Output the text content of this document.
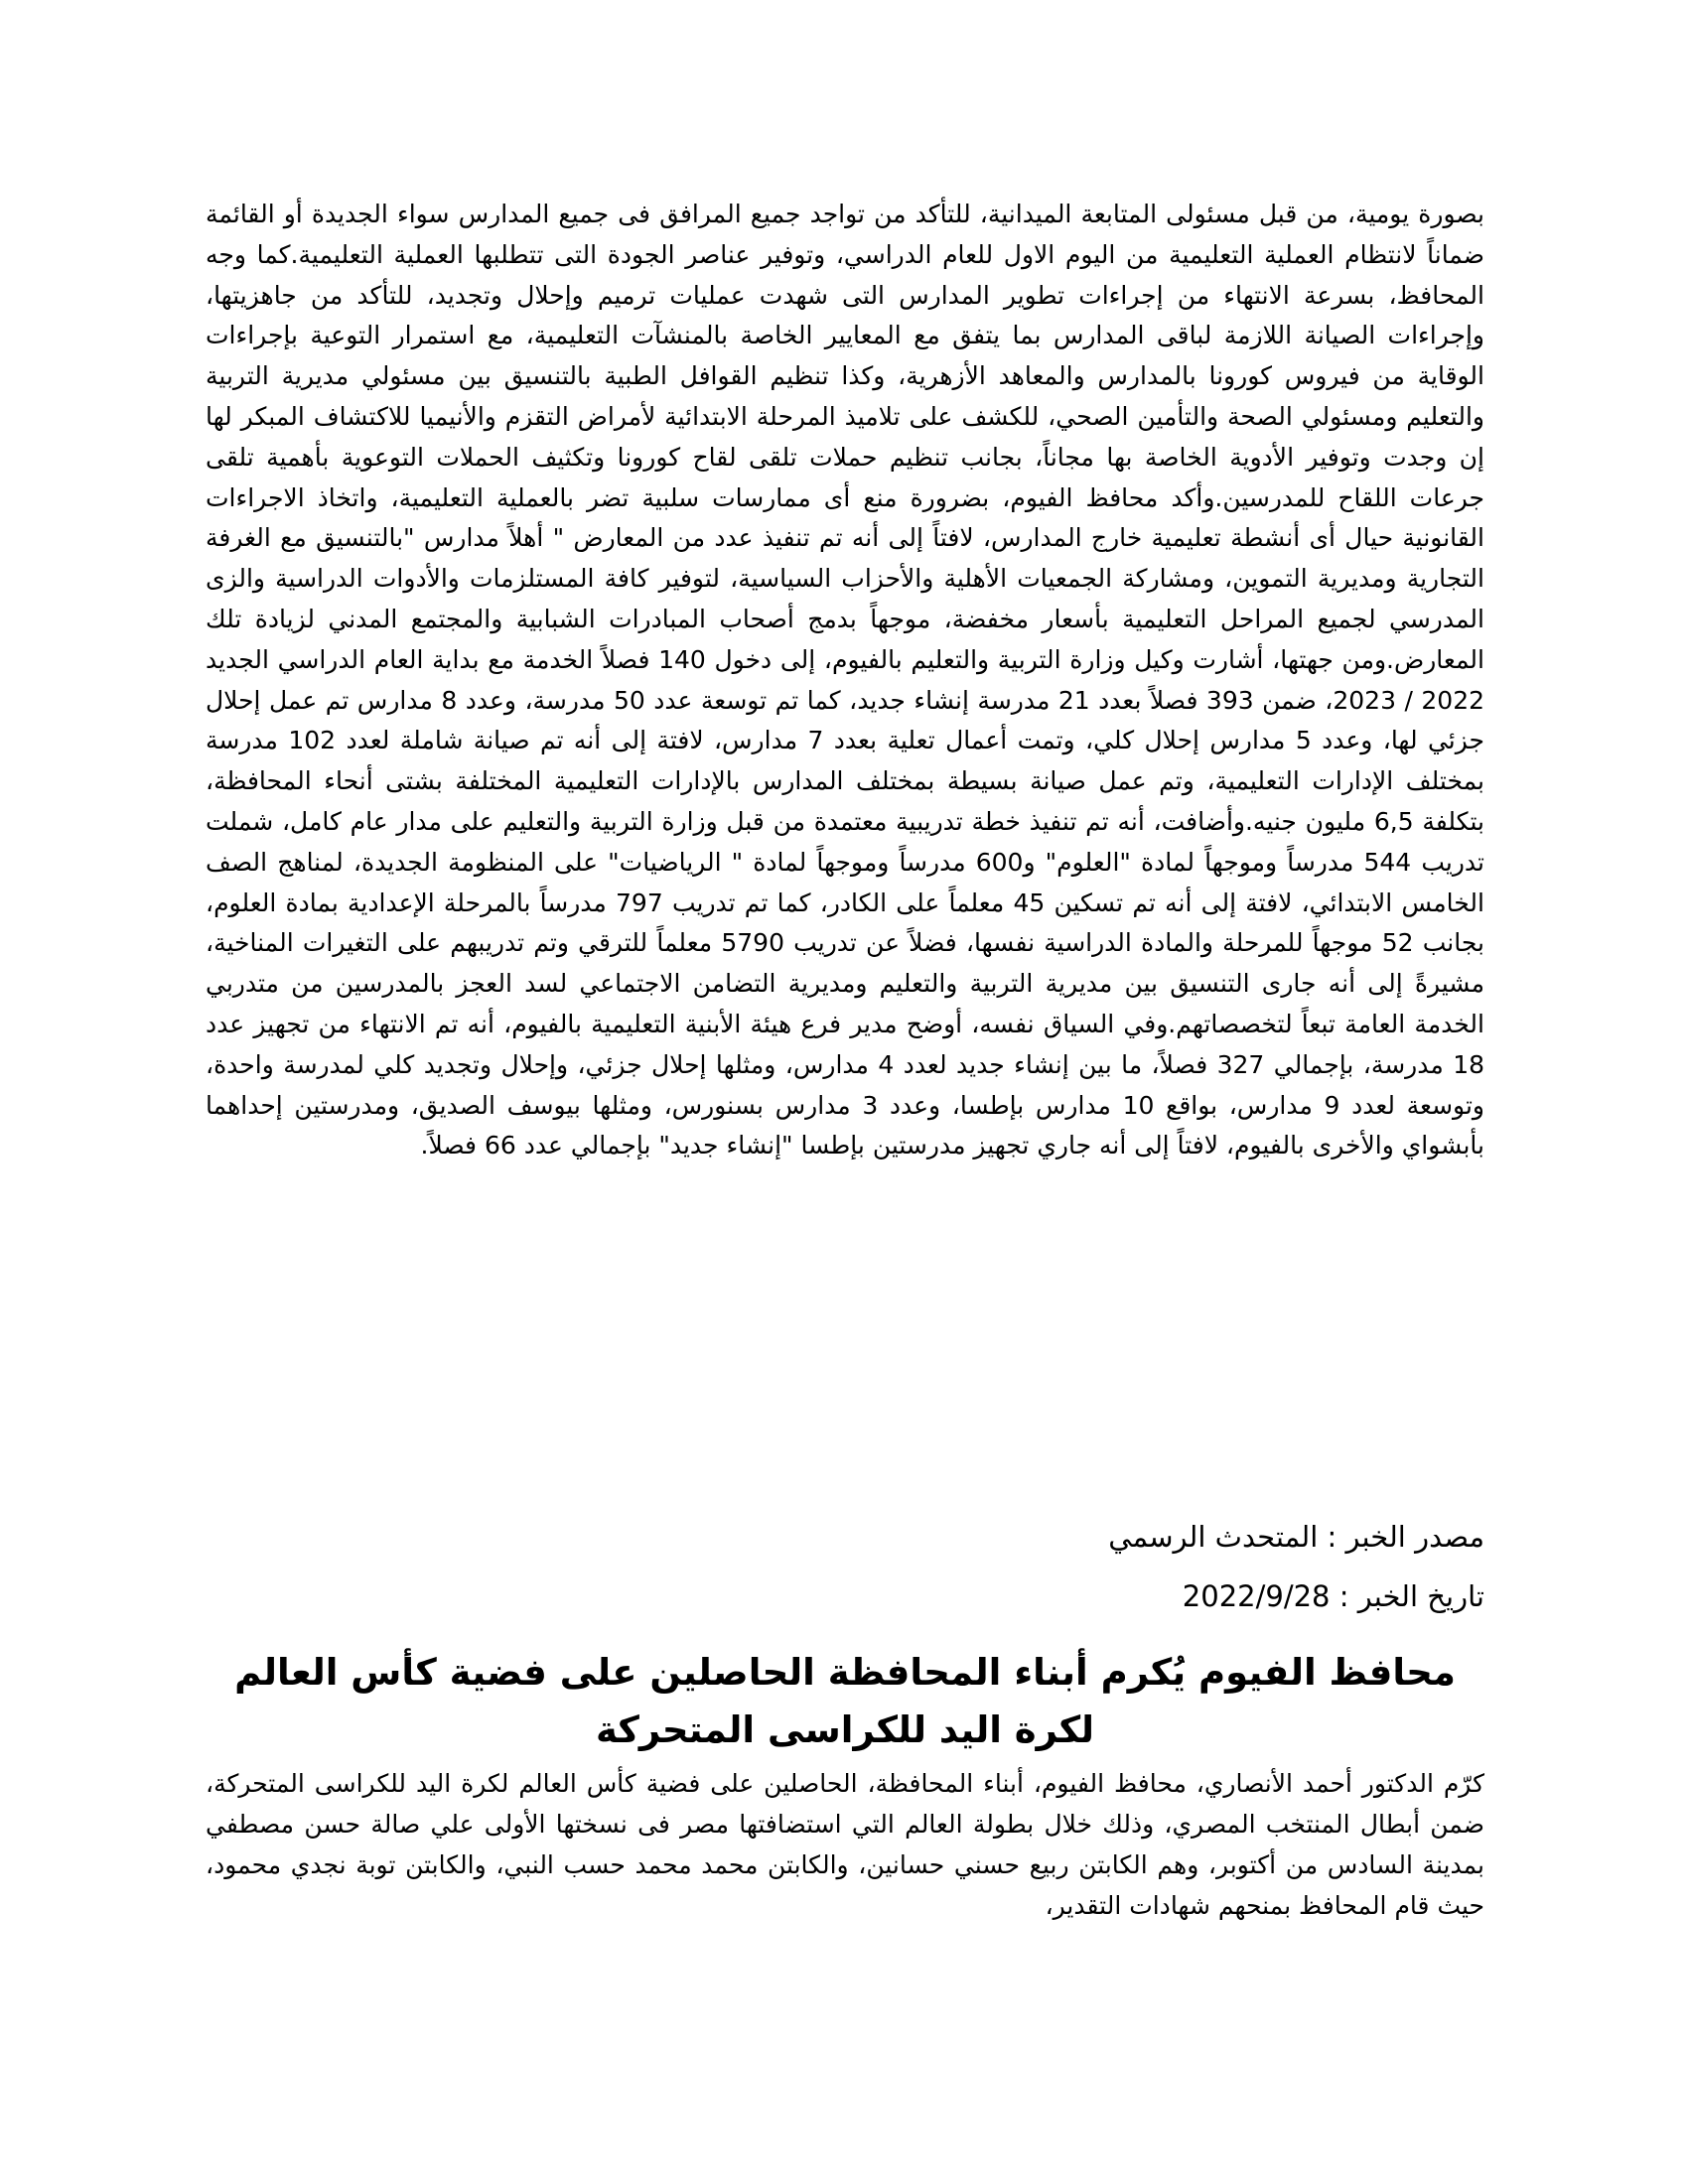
بصورة يومية، من قبل مسئولى المتابعة الميدانية، للتأكد من تواجد جميع المرافق فى جميع المدارس سواء الجديدة أو القائمة ضماناً لانتظام العملية التعليمية من اليوم الاول للعام الدراسي، وتوفير عناصر الجودة التى تتطلبها العملية التعليمية.كما وجه المحافظ، بسرعة الانتهاء من إجراءات تطوير المدارس التى شهدت عمليات ترميم وإحلال وتجديد، للتأكد من جاهزيتها، وإجراءات الصيانة اللازمة لباقى المدارس بما يتفق مع المعايير الخاصة بالمنشآت التعليمية، مع استمرار التوعية بإجراءات الوقاية من فيروس كورونا بالمدارس والمعاهد الأزهرية، وكذا تنظيم القوافل الطبية بالتنسيق بين مسئولي مديرية التربية والتعليم ومسئولي الصحة والتأمين الصحي، للكشف على تلاميذ المرحلة الابتدائية لأمراض التقزم والأنيميا للاكتشاف المبكر لها إن وجدت وتوفير الأدوية الخاصة بها مجاناً، بجانب تنظيم حملات تلقى لقاح كورونا وتكثيف الحملات التوعوية بأهمية تلقى جرعات اللقاح للمدرسين.وأكد محافظ الفيوم، بضرورة منع أى ممارسات سلبية تضر بالعملية التعليمية، واتخاذ الاجراءات القانونية حيال أى أنشطة تعليمية خارج المدارس، لافتاً إلى أنه تم تنفيذ عدد من المعارض " أهلاً مدارس "بالتنسيق مع الغرفة التجارية ومديرية التموين، ومشاركة الجمعيات الأهلية والأحزاب السياسية، لتوفير كافة المستلزمات والأدوات الدراسية والزى المدرسي لجميع المراحل التعليمية بأسعار مخفضة، موجهاً بدمج أصحاب المبادرات الشبابية والمجتمع المدني لزيادة تلك المعارض.ومن جهتها، أشارت وكيل وزارة التربية والتعليم بالفيوم، إلى دخول 140 فصلاً الخدمة مع بداية العام الدراسي الجديد 2022 / 2023، ضمن 393 فصلاً بعدد 21 مدرسة إنشاء جديد، كما تم توسعة عدد 50 مدرسة، وعدد 8 مدارس تم عمل إحلال جزئي لها، وعدد 5 مدارس إحلال كلي، وتمت أعمال تعلية بعدد 7 مدارس، لافتة إلى أنه تم صيانة شاملة لعدد 102 مدرسة بمختلف الإدارات التعليمية، وتم عمل صيانة بسيطة بمختلف المدارس بالإدارات التعليمية المختلفة بشتى أنحاء المحافظة، بتكلفة 6,5 مليون جنيه.وأضافت، أنه تم تنفيذ خطة تدريبية معتمدة من قبل وزارة التربية والتعليم على مدار عام كامل، شملت تدريب 544 مدرساً وموجهاً لمادة "العلوم" و600 مدرساً وموجهاً لمادة " الرياضيات" على المنظومة الجديدة، لمناهج الصف الخامس الابتدائي، لافتة إلى أنه تم تسكين 45 معلماً على الكادر، كما تم تدريب 797 مدرساً بالمرحلة الإعدادية بمادة العلوم، بجانب 52 موجهاً للمرحلة والمادة الدراسية نفسها، فضلاً عن تدريب 5790 معلماً للترقي وتم تدريبهم على التغيرات المناخية، مشيرةً إلى أنه جارى التنسيق بين مديرية التربية والتعليم ومديرية التضامن الاجتماعي لسد العجز بالمدرسين من متدربي الخدمة العامة تبعاً لتخصصاتهم.وفي السياق نفسه، أوضح مدير فرع هيئة الأبنية التعليمية بالفيوم، أنه تم الانتهاء من تجهيز عدد 18 مدرسة، بإجمالي 327 فصلاً، ما بين إنشاء جديد لعدد 4 مدارس، ومثلها إحلال جزئي، وإحلال وتجديد كلي لمدرسة واحدة، وتوسعة لعدد 9 مدارس، بواقع 10 مدارس بإطسا، وعدد 3 مدارس بسنورس، ومثلها بيوسف الصديق، ومدرستين إحداهما بأبشواي والأخرى بالفيوم، لافتاً إلى أنه جاري تجهيز مدرستين بإطسا "إنشاء جديد" بإجمالي عدد 66 فصلاً.

مصدر الخبر : المتحدث الرسمي

تاريخ الخبر : 2022/9/28

محافظ الفيوم يُكرم أبناء المحافظة الحاصلين على فضية كأس العالم لكرة اليد للكراسى المتحركة

كرّم الدكتور أحمد الأنصاري، محافظ الفيوم، أبناء المحافظة، الحاصلين على فضية كأس العالم لكرة اليد للكراسى المتحركة، ضمن أبطال المنتخب المصري، وذلك خلال بطولة العالم التي استضافتها مصر فى نسختها الأولى علي صالة حسن مصطفي بمدينة السادس من أكتوبر، وهم الكابتن ربيع حسني حسانين، والكابتن محمد محمد حسب النبي، والكابتن توبة نجدي محمود، حيث قام المحافظ بمنحهم شهادات التقدير،
